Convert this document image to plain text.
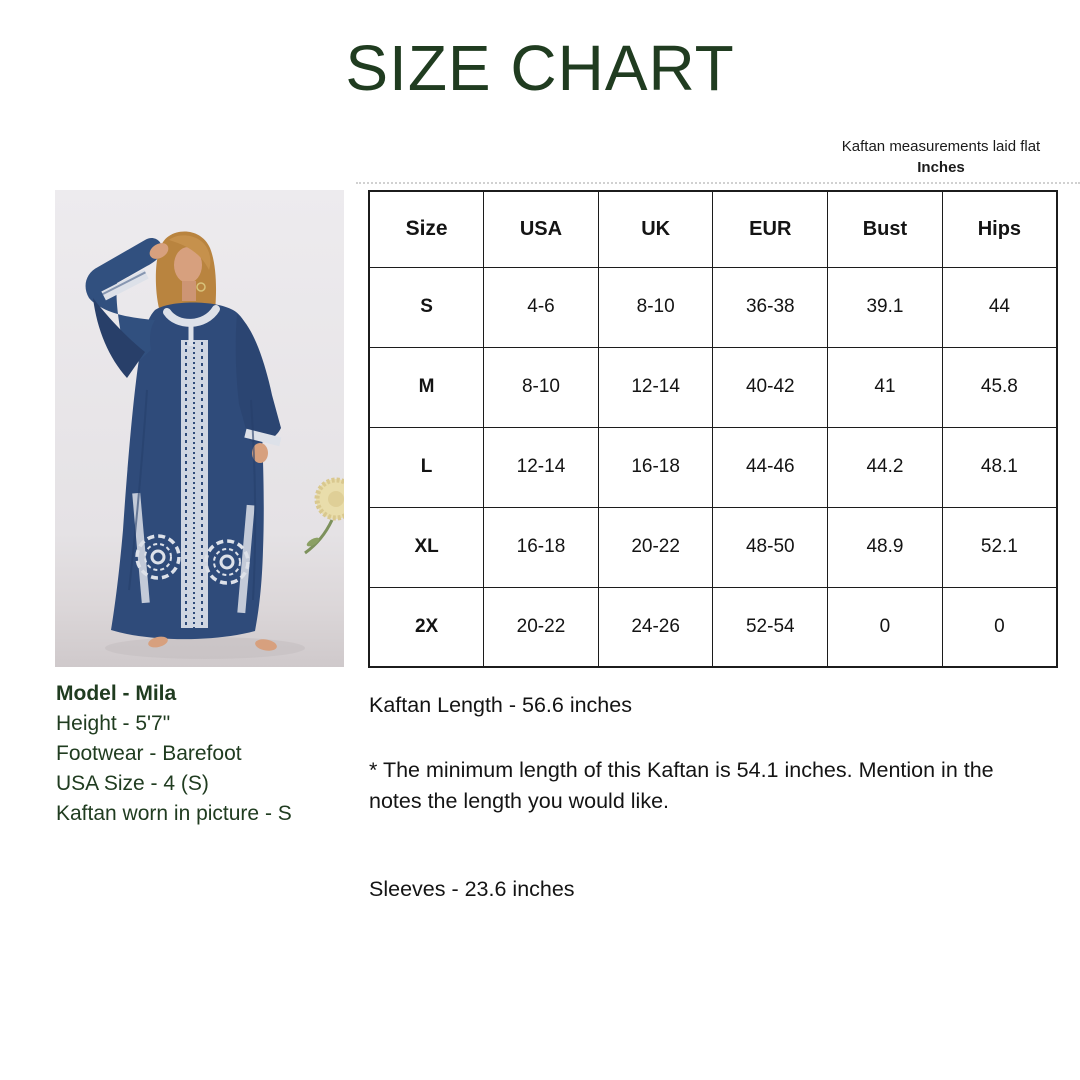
SIZE CHART
Kaftan measurements laid flat
Inches
Size	USA	UK	EUR	Bust	Hips
S	4-6	8-10	36-38	39.1	44
M	8-10	12-14	40-42	41	45.8
L	12-14	16-18	44-46	44.2	48.1
XL	16-18	20-22	48-50	48.9	52.1
2X	20-22	24-26	52-54	0	0
Kaftan Length - 56.6 inches
* The minimum length of this Kaftan is 54.1 inches. Mention in the notes the length you would like.
Sleeves - 23.6 inches
Model - Mila
Height - 5'7"
Footwear - Barefoot
USA Size - 4 (S)
Kaftan worn in picture - S
